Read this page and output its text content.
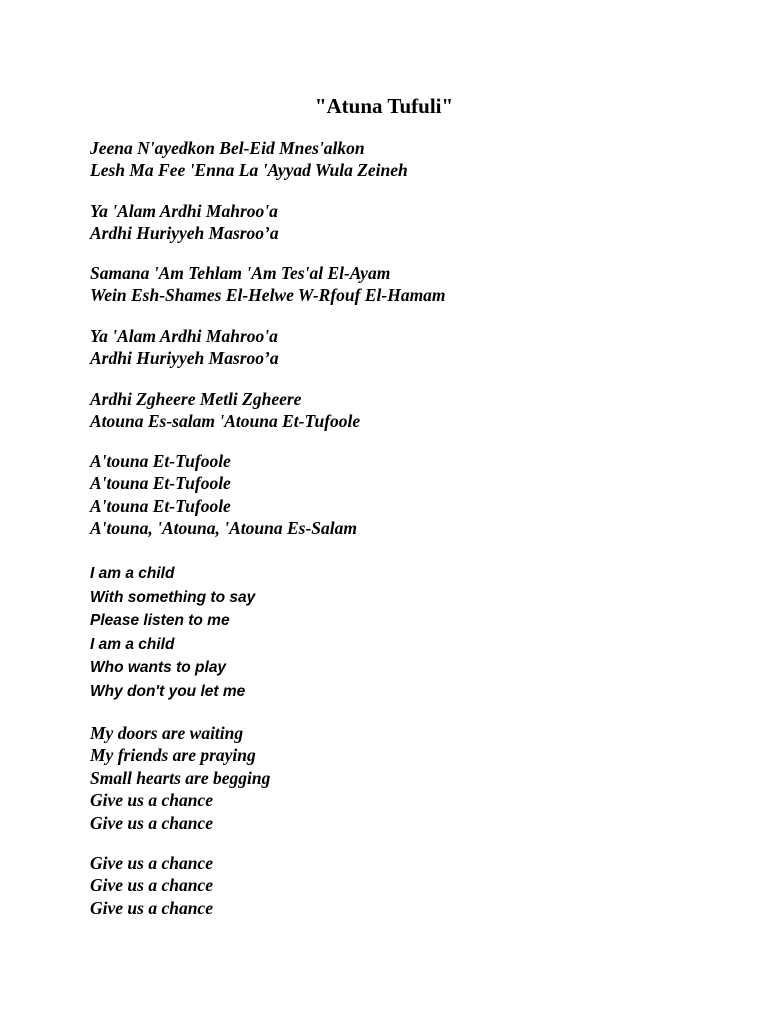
"Atuna Tufuli"
Jeena N'ayedkon Bel-Eid Mnes'alkon
Lesh Ma Fee 'Enna La 'Ayyad Wula Zeineh
Ya 'Alam Ardhi Mahroo'a
Ardhi Huriyyeh Masroo’a
Samana 'Am Tehlam 'Am Tes'al El-Ayam
Wein Esh-Shames El-Helwe W-Rfouf El-Hamam
Ya 'Alam Ardhi Mahroo'a
Ardhi Huriyyeh Masroo’a
Ardhi Zgheere Metli Zgheere
Atouna Es-salam 'Atouna Et-Tufoole
A'touna Et-Tufoole
A'touna Et-Tufoole
A'touna Et-Tufoole
A'touna, 'Atouna, 'Atouna Es-Salam
I am a child
With something to say
Please listen to me
I am a child
Who wants to play
Why don't you let me
My doors are waiting
My friends are praying
Small hearts are begging
Give us a chance
Give us a chance
Give us a chance
Give us a chance
Give us a chance
